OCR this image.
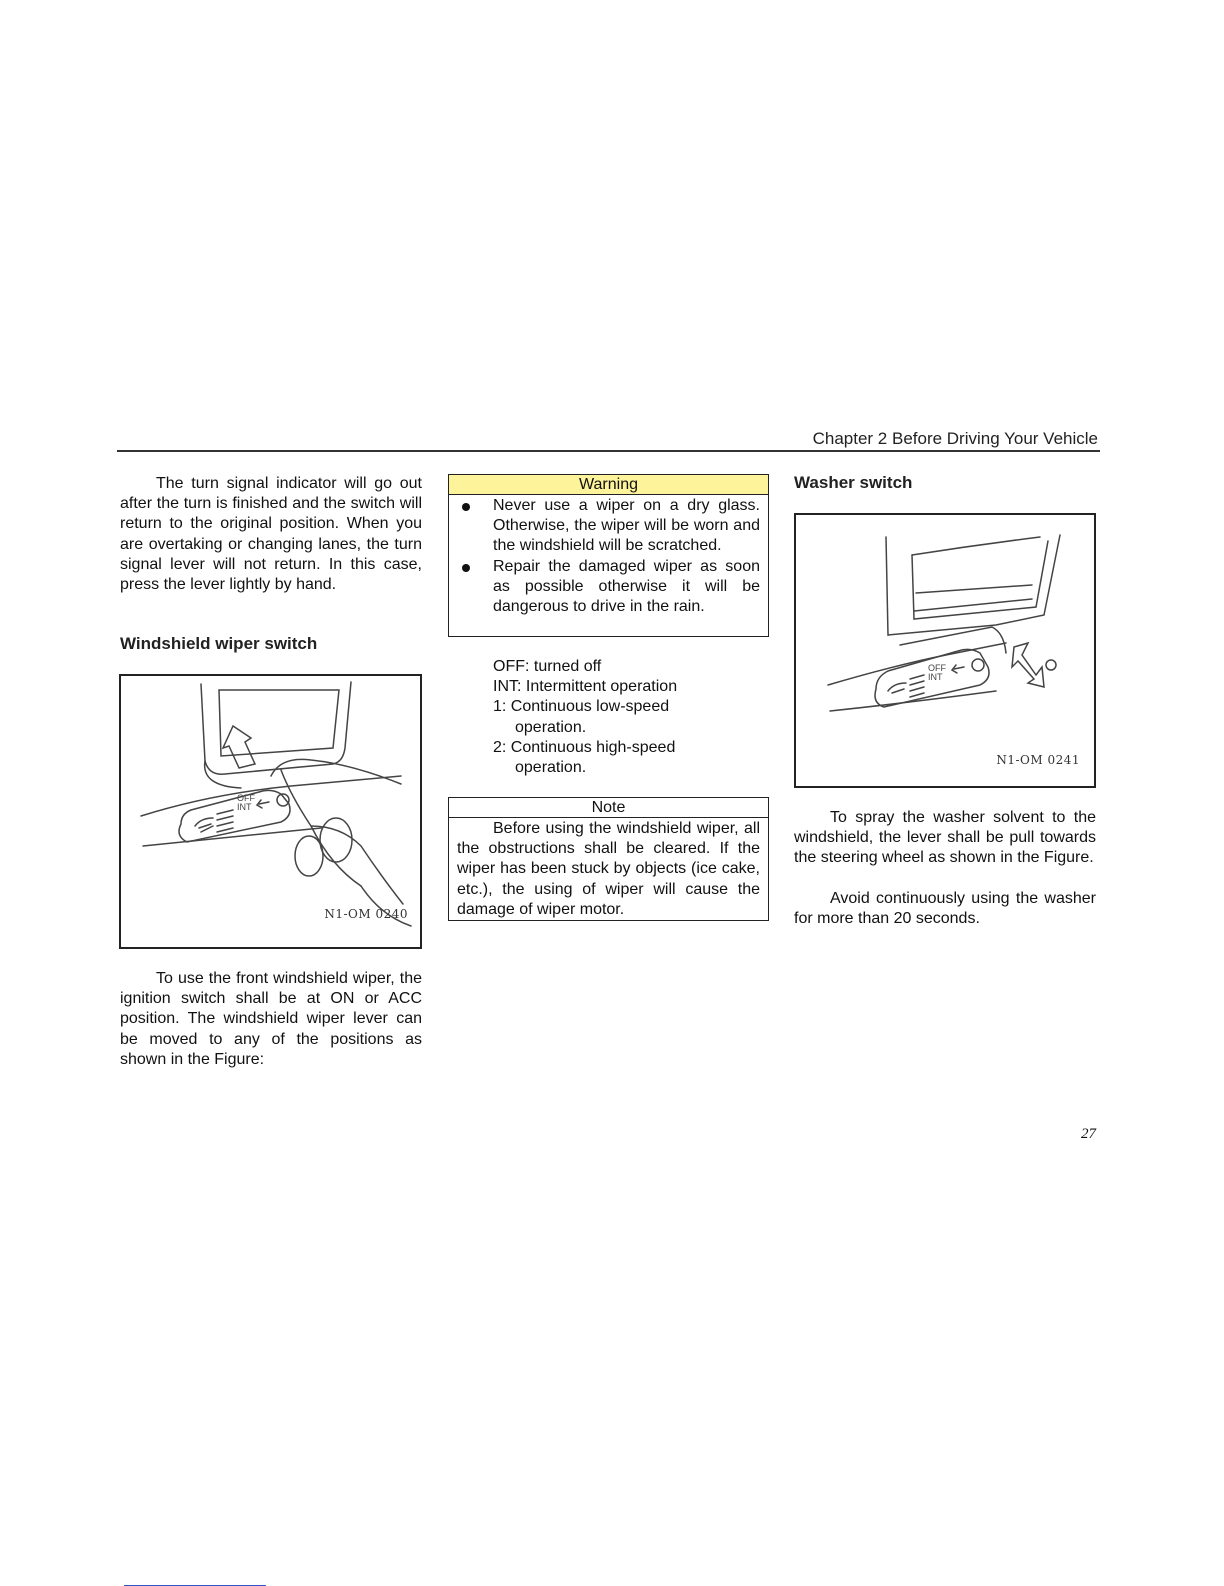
Chapter 2 Before Driving Your Vehicle
The turn signal indicator will go out after the turn is finished and the switch will return to the original position. When you are overtaking or changing lanes, the turn signal lever will not return. In this case, press the lever lightly by hand.
Windshield wiper switch
OFF
INT
N1-OM 0240
To use the front windshield wiper, the ignition switch shall be at ON or ACC position. The windshield wiper lever can be moved to any of the positions as shown in the Figure:
Warning
Never use a wiper on a dry glass. Otherwise, the wiper will be worn and the windshield will be scratched.
Repair the damaged wiper as soon as possible otherwise it will be dangerous to drive in the rain.
OFF: turned off
INT: Intermittent operation
1: Continuous low-speed
operation.
2: Continuous high-speed
operation.
Note
Before using the windshield wiper, all the obstructions shall be cleared. If the wiper has been stuck by objects (ice cake, etc.), the using of wiper will cause the damage of wiper motor.
Washer switch
OFF
INT
N1-OM 0241
To spray the washer solvent to the windshield, the lever shall be pull towards the steering wheel as shown in the Figure.
Avoid continuously using the washer for more than 20 seconds.
27
